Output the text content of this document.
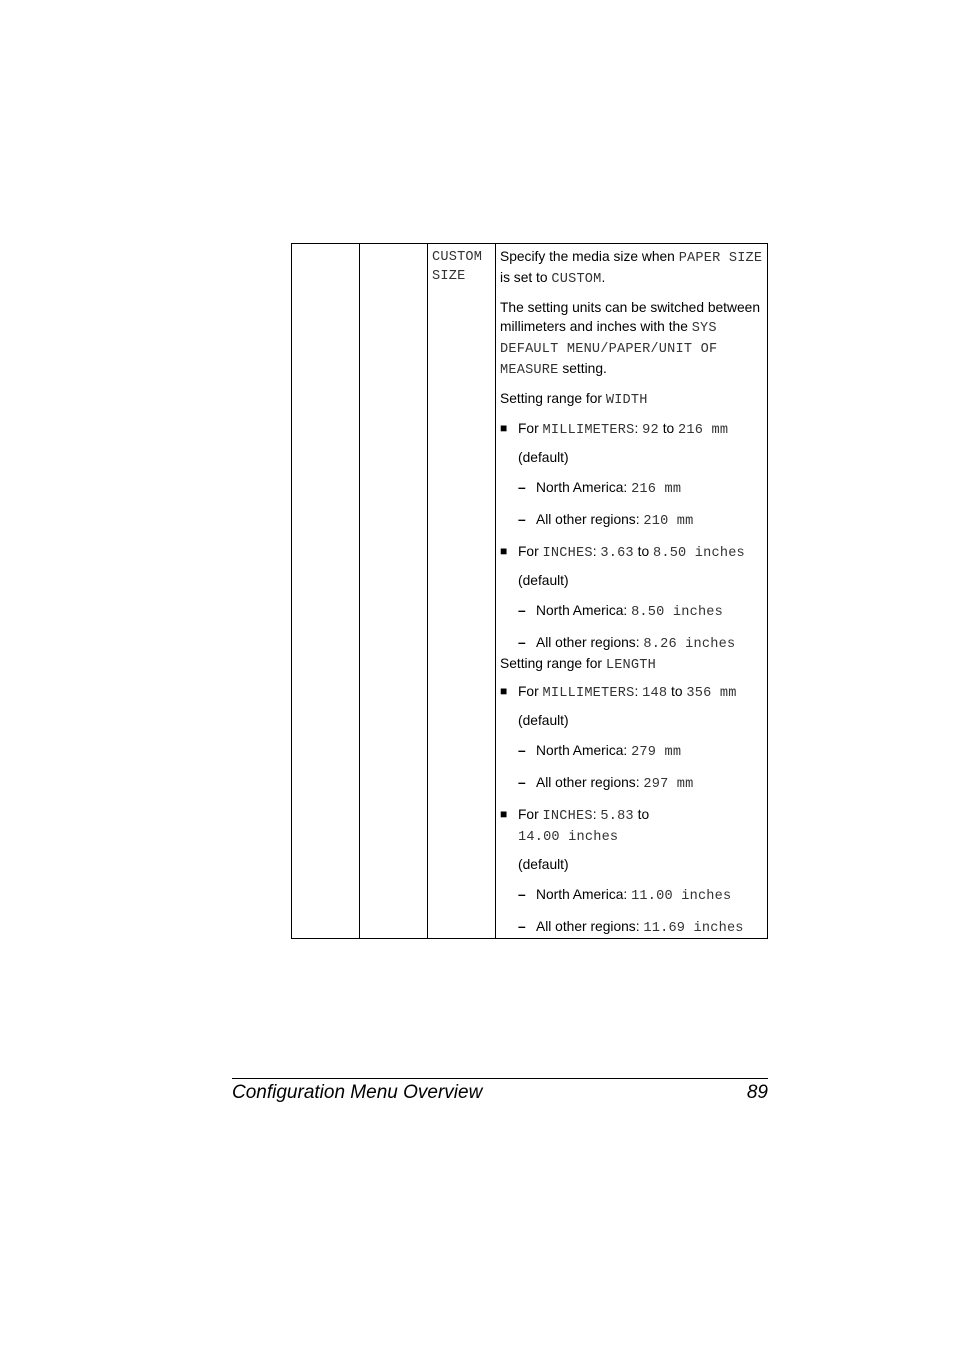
CUSTOM
SIZE

Specify the media size when PAPER SIZE is set to CUSTOM.

The setting units can be switched between millimeters and inches with the SYS DEFAULT MENU/PAPER/UNIT OF MEASURE setting.

Setting range for WIDTH

■ For MILLIMETERS: 92 to 216 mm

(default)

– North America: 216 mm
– All other regions: 210 mm
■ For INCHES: 3.63 to 8.50 inches

(default)

– North America: 8.50 inches
– All other regions: 8.26 inches

Setting range for LENGTH

■ For MILLIMETERS: 148 to 356 mm

(default)

– North America: 279 mm
– All other regions: 297 mm
■ For INCHES: 5.83 to
14.00 inches

(default)

– North America: 11.00 inches
– All other regions: 11.69 inches
Configuration Menu Overview	89
